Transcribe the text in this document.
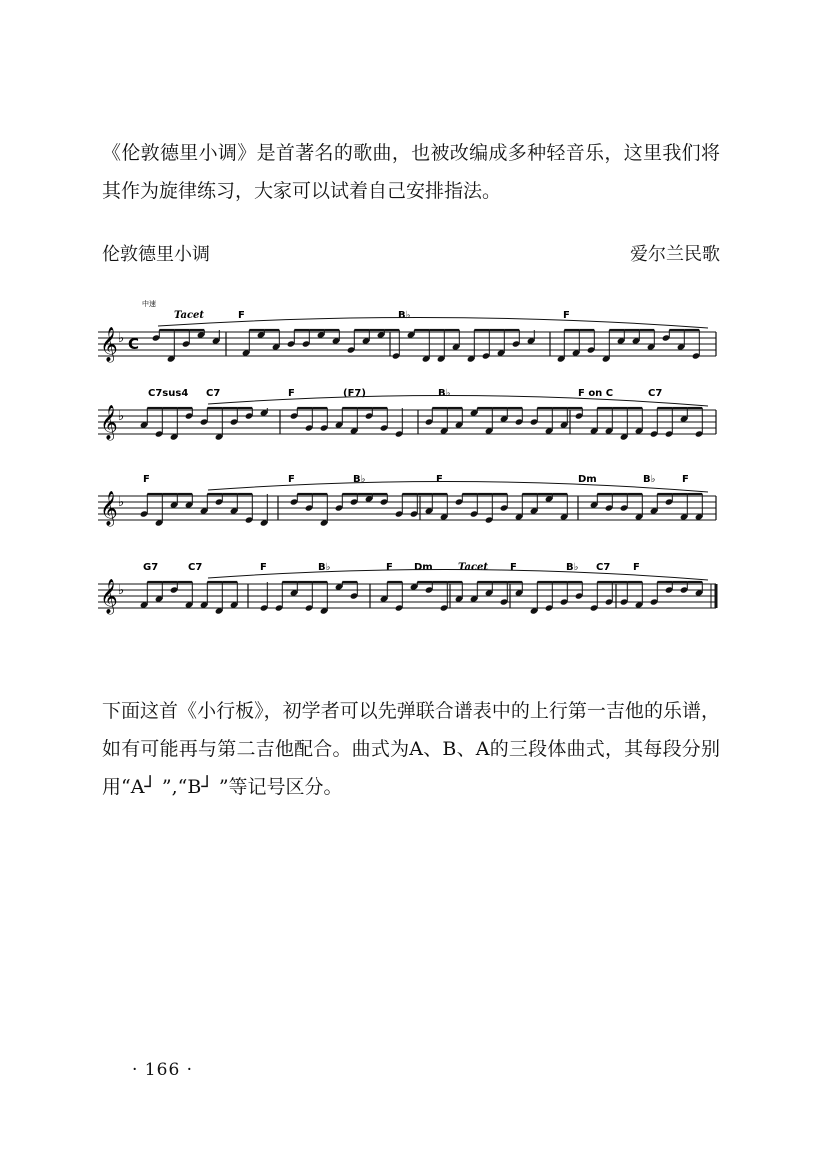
《伦敦德里小调》是首著名的歌曲，也被改编成多种轻音乐，这里我们将其作为旋律练习，大家可以试着自己安排指法。

伦敦德里小调	爱尔兰民歌
𝄞 ♭ C
中速
Tacet	F	B♭	F
𝄞 ♭
C7sus4 C7	F	(F7)	B♭	F on C	C7
𝄞 ♭
F	F	B♭	F	Dm	B♭	F
𝄞 ♭
Tacet
G7	C7	F	B♭	F Dm	F	B♭ C7 F

下面这首《小行板》，初学者可以先弹联合谱表中的上行第一吉他的乐谱，如有可能再与第二吉他配合。曲式为A、B、A的三段体曲式，其每段分别用“A┘ ”,“B┘ ”等记号区分。

· 166 ·
